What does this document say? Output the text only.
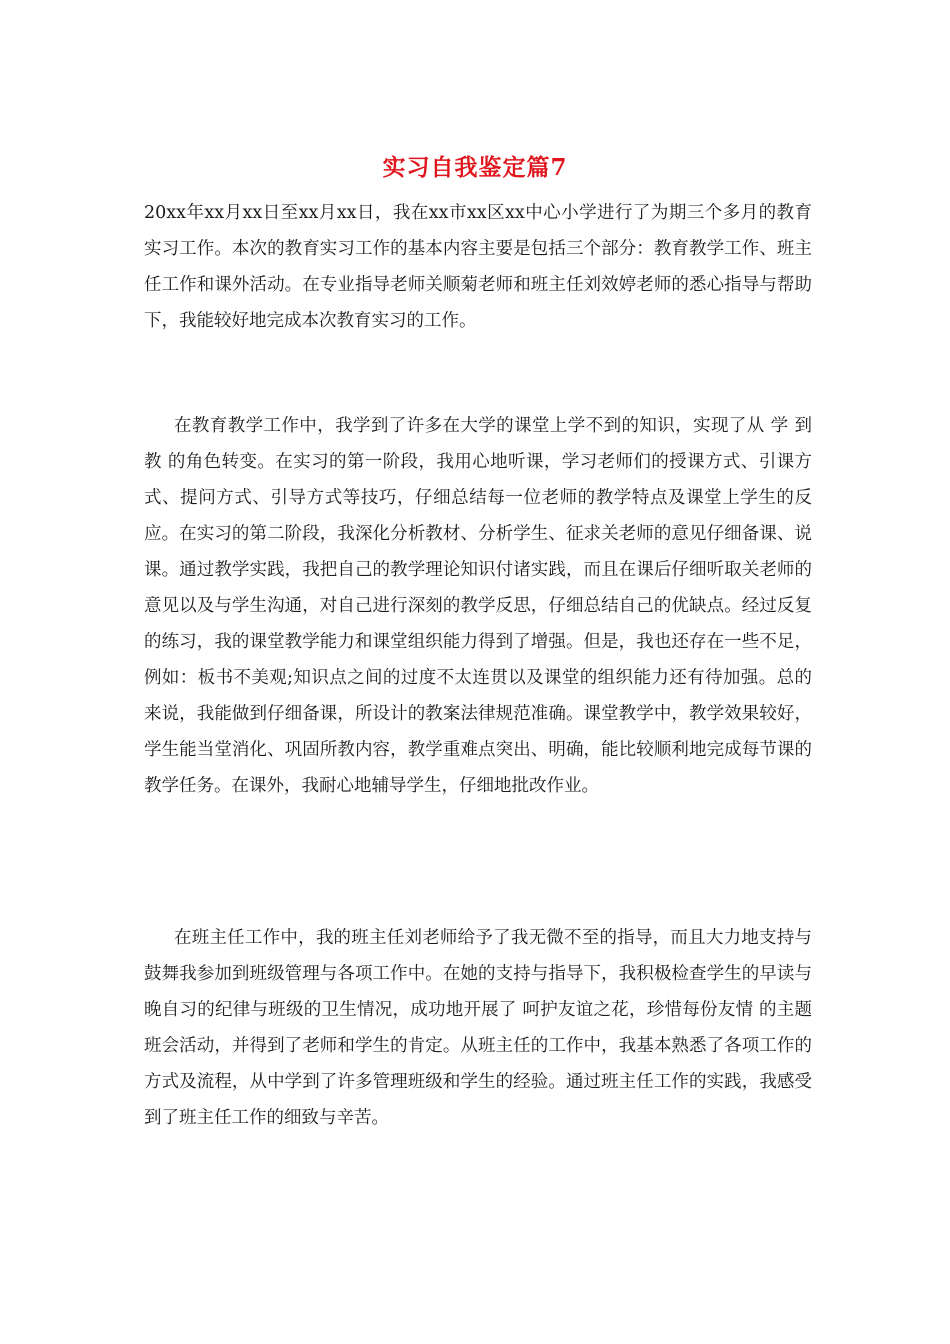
实习自我鉴定篇7
20xx年xx月xx日至xx月xx日，我在xx市xx区xx中心小学进行了为期三个多月的教育实习工作。本次的教育实习工作的基本内容主要是包括三个部分：教育教学工作、班主任工作和课外活动。在专业指导老师关顺菊老师和班主任刘效婷老师的悉心指导与帮助下，我能较好地完成本次教育实习的工作。
在教育教学工作中，我学到了许多在大学的课堂上学不到的知识，实现了从 学 到 教 的角色转变。在实习的第一阶段，我用心地听课，学习老师们的授课方式、引课方式、提问方式、引导方式等技巧，仔细总结每一位老师的教学特点及课堂上学生的反应。在实习的第二阶段，我深化分析教材、分析学生、征求关老师的意见仔细备课、说课。通过教学实践，我把自己的教学理论知识付诸实践，而且在课后仔细听取关老师的意见以及与学生沟通，对自己进行深刻的教学反思，仔细总结自己的优缺点。经过反复的练习，我的课堂教学能力和课堂组织能力得到了增强。但是，我也还存在一些不足，例如：板书不美观;知识点之间的过度不太连贯以及课堂的组织能力还有待加强。总的来说，我能做到仔细备课，所设计的教案法律规范准确。课堂教学中，教学效果较好，学生能当堂消化、巩固所教内容，教学重难点突出、明确，能比较顺利地完成每节课的教学任务。在课外，我耐心地辅导学生，仔细地批改作业。
在班主任工作中，我的班主任刘老师给予了我无微不至的指导，而且大力地支持与鼓舞我参加到班级管理与各项工作中。在她的支持与指导下，我积极检查学生的早读与晚自习的纪律与班级的卫生情况，成功地开展了 呵护友谊之花，珍惜每份友情 的主题班会活动，并得到了老师和学生的肯定。从班主任的工作中，我基本熟悉了各项工作的方式及流程，从中学到了许多管理班级和学生的经验。通过班主任工作的实践，我感受到了班主任工作的细致与辛苦。
